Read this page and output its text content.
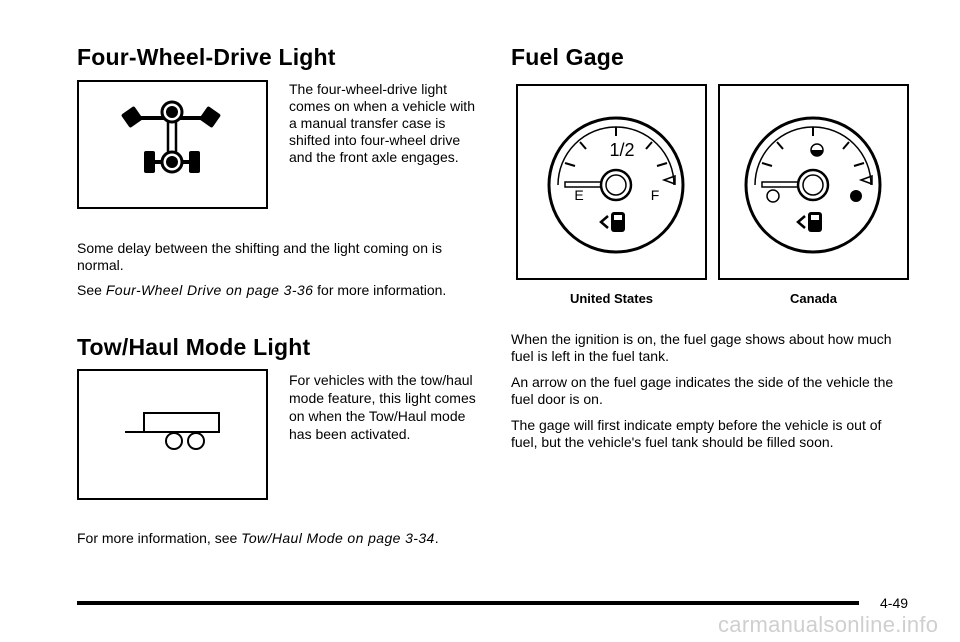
Four-Wheel-Drive Light

The four-wheel-drive light comes on when a vehicle with a manual transfer case is shifted into four-wheel drive and the front axle engages.

Some delay between the shifting and the light coming on is normal.

See Four-Wheel Drive on page 3-36 for more information.

Tow/Haul Mode Light

For vehicles with the tow/haul mode feature, this light comes on when the Tow/Haul mode has been activated.

For more information, see Tow/Haul Mode on page 3-34.

Fuel Gage
1/2
E	F
United States	Canada

When the ignition is on, the fuel gage shows about how much fuel is left in the fuel tank.

An arrow on the fuel gage indicates the side of the vehicle the fuel door is on.

The gage will first indicate empty before the vehicle is out of fuel, but the vehicle's fuel tank should be filled soon.

4-49
carmanualsonline.info
